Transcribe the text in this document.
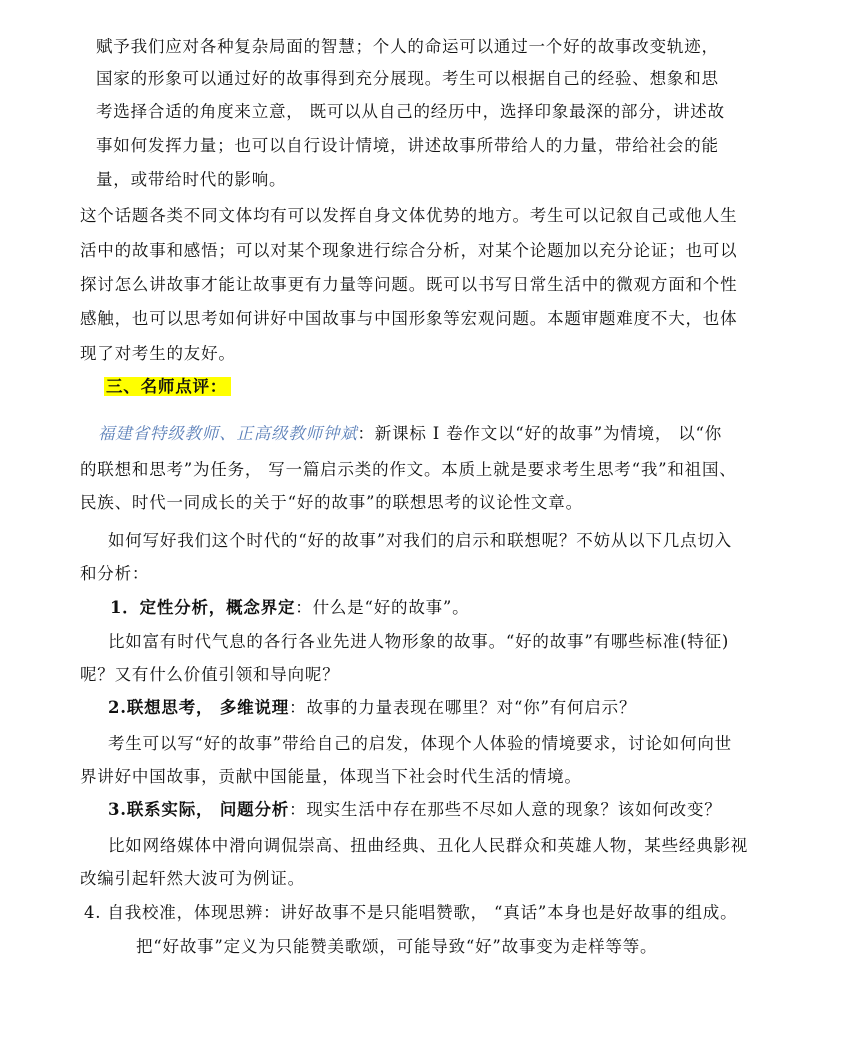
赋予我们应对各种复杂局面的智慧；个人的命运可以通过一个好的故事改变轨迹，
国家的形象可以通过好的故事得到充分展现。考生可以根据自己的经验、想象和思
考选择合适的角度来立意， 既可以从自己的经历中，选择印象最深的部分，讲述故
事如何发挥力量；也可以自行设计情境，讲述故事所带给人的力量，带给社会的能
量，或带给时代的影响。
这个话题各类不同文体均有可以发挥自身文体优势的地方。考生可以记叙自己或他人生
活中的故事和感悟；可以对某个现象进行综合分析，对某个论题加以充分论证；也可以
探讨怎么讲故事才能让故事更有力量等问题。既可以书写日常生活中的微观方面和个性
感触，也可以思考如何讲好中国故事与中国形象等宏观问题。本题审题难度不大，也体
现了对考生的友好。
三、名师点评：
福建省特级教师、正高级教师钟斌：新课标 I 卷作文以“好的故事”为情境， 以“你
的联想和思考”为任务， 写一篇启示类的作文。本质上就是要求考生思考“我”和祖国、
民族、时代一同成长的关于“好的故事”的联想思考的议论性文章。
如何写好我们这个时代的“好的故事”对我们的启示和联想呢？不妨从以下几点切入
和分析：
1．定性分析，概念界定：什么是“好的故事”。
比如富有时代气息的各行各业先进人物形象的故事。“好的故事”有哪些标准(特征)
呢？又有什么价值引领和导向呢？
2.联想思考， 多维说理：故事的力量表现在哪里？对“你”有何启示？
考生可以写“好的故事”带给自己的启发，体现个人体验的情境要求，讨论如何向世
界讲好中国故事，贡献中国能量，体现当下社会时代生活的情境。
3.联系实际， 问题分析：现实生活中存在那些不尽如人意的现象？该如何改变？
比如网络媒体中滑向调侃崇高、扭曲经典、丑化人民群众和英雄人物，某些经典影视
改编引起轩然大波可为例证。
4. 自我校准，体现思辨：讲好故事不是只能唱赞歌， “真话”本身也是好故事的组成。
把“好故事”定义为只能赞美歌颂，可能导致“好”故事变为走样等等。
